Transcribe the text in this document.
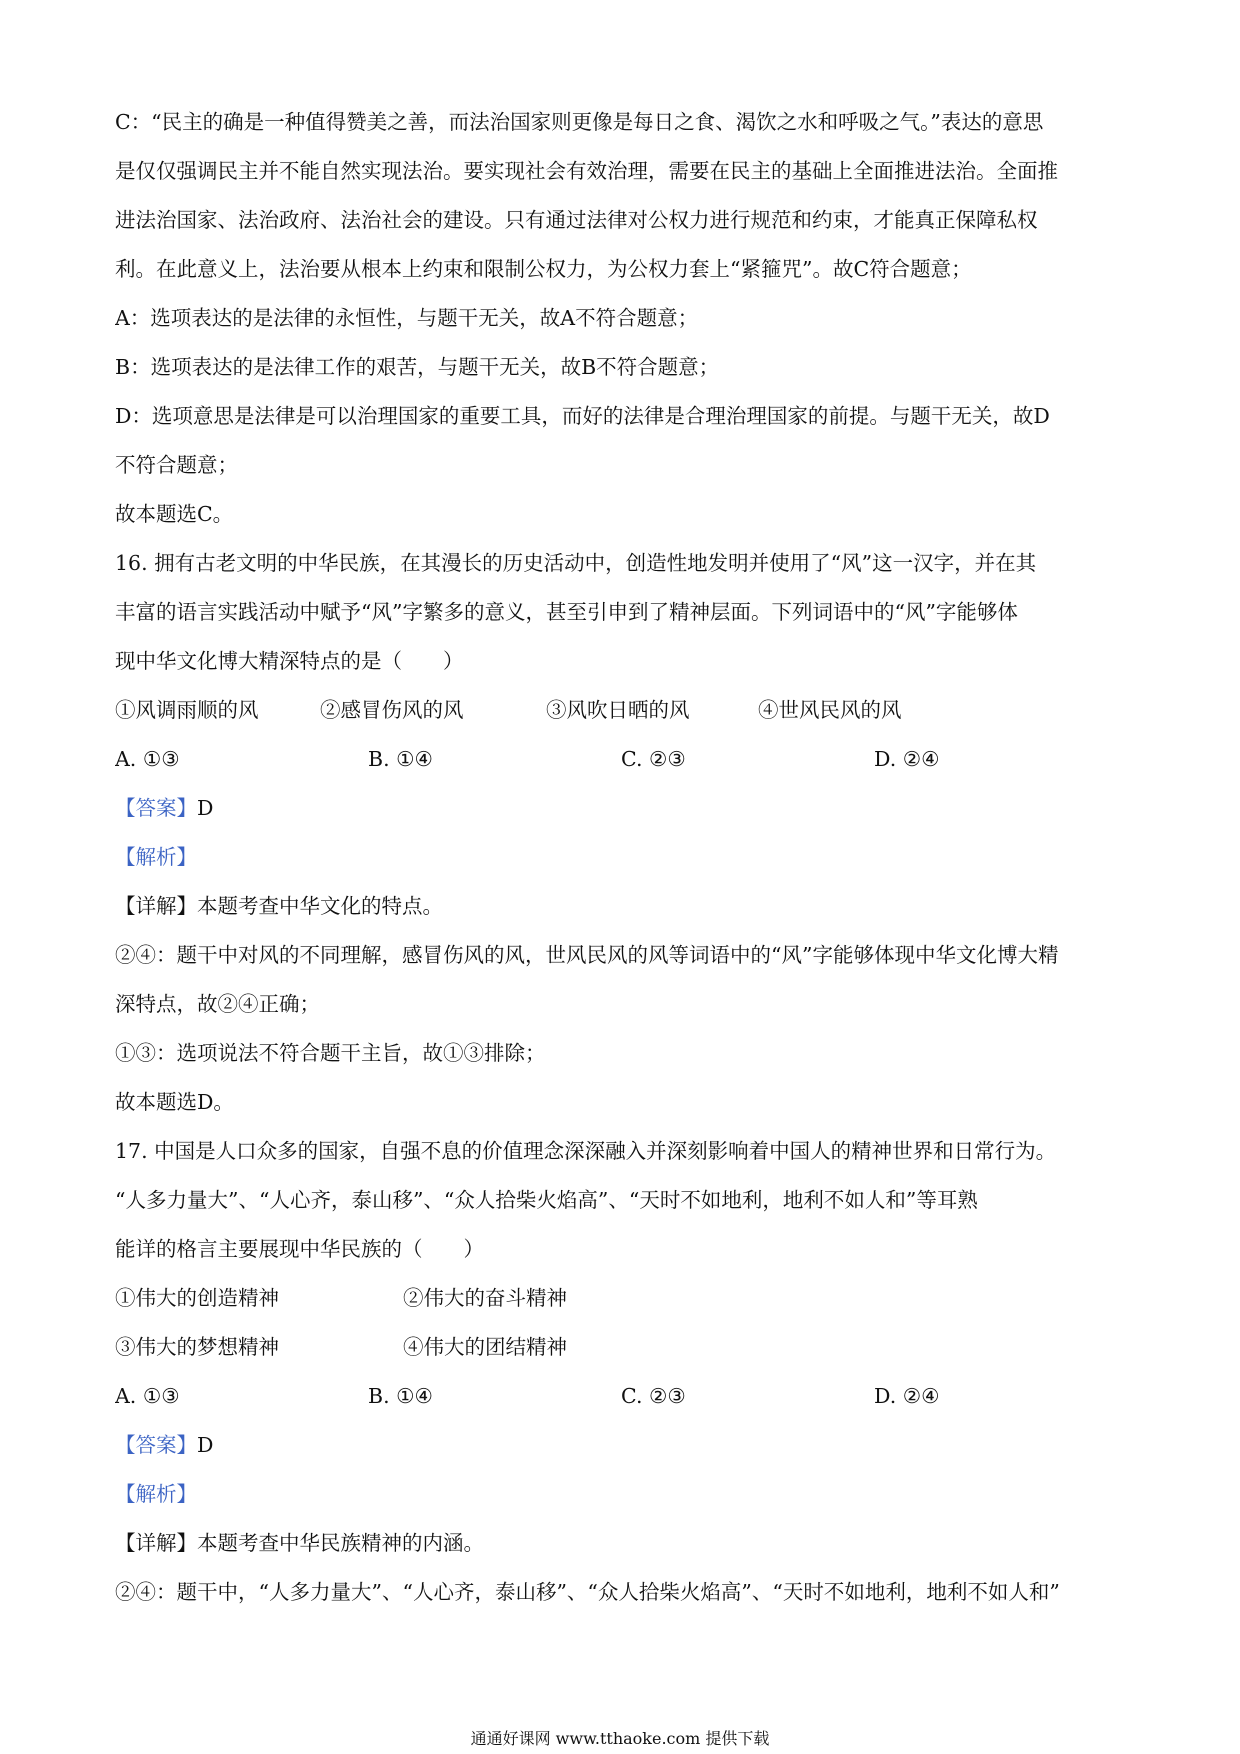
C：“民主的确是一种值得赞美之善，而法治国家则更像是每日之食、渴饮之水和呼吸之气。”表达的意思
是仅仅强调民主并不能自然实现法治。要实现社会有效治理，需要在民主的基础上全面推进法治。全面推
进法治国家、法治政府、法治社会的建设。只有通过法律对公权力进行规范和约束，才能真正保障私权
利。在此意义上，法治要从根本上约束和限制公权力，为公权力套上“紧箍咒”。故C符合题意；
A：选项表达的是法律的永恒性，与题干无关，故A不符合题意；
B：选项表达的是法律工作的艰苦，与题干无关，故B不符合题意；
D：选项意思是法律是可以治理国家的重要工具，而好的法律是合理治理国家的前提。与题干无关，故D
不符合题意；
故本题选C。
16. 拥有古老文明的中华民族，在其漫长的历史活动中，创造性地发明并使用了“风”这一汉字，并在其
丰富的语言实践活动中赋予“风”字繁多的意义，甚至引申到了精神层面。下列词语中的“风”字能够体
现中华文化博大精深特点的是（　　）
①风调雨顺的风	②感冒伤风的风	③风吹日晒的风	④世风民风的风
A. ①③	B. ①④	C. ②③	D. ②④
【答案】D
【解析】
【详解】本题考查中华文化的特点。
②④：题干中对风的不同理解，感冒伤风的风，世风民风的风等词语中的“风”字能够体现中华文化博大精
深特点，故②④正确；
①③：选项说法不符合题干主旨，故①③排除；
故本题选D。
17. 中国是人口众多的国家，自强不息的价值理念深深融入并深刻影响着中国人的精神世界和日常行为。
“人多力量大”、“人心齐，泰山移”、“众人拾柴火焰高”、“天时不如地利，地利不如人和”等耳熟
能详的格言主要展现中华民族的（　　）
①伟大的创造精神	②伟大的奋斗精神
③伟大的梦想精神	④伟大的团结精神
A. ①③	B. ①④	C. ②③	D. ②④
【答案】D
【解析】
【详解】本题考查中华民族精神的内涵。
②④：题干中，“人多力量大”、“人心齐，泰山移”、“众人拾柴火焰高”、“天时不如地利，地利不如人和”
通通好课网 www.tthaoke.com 提供下载
